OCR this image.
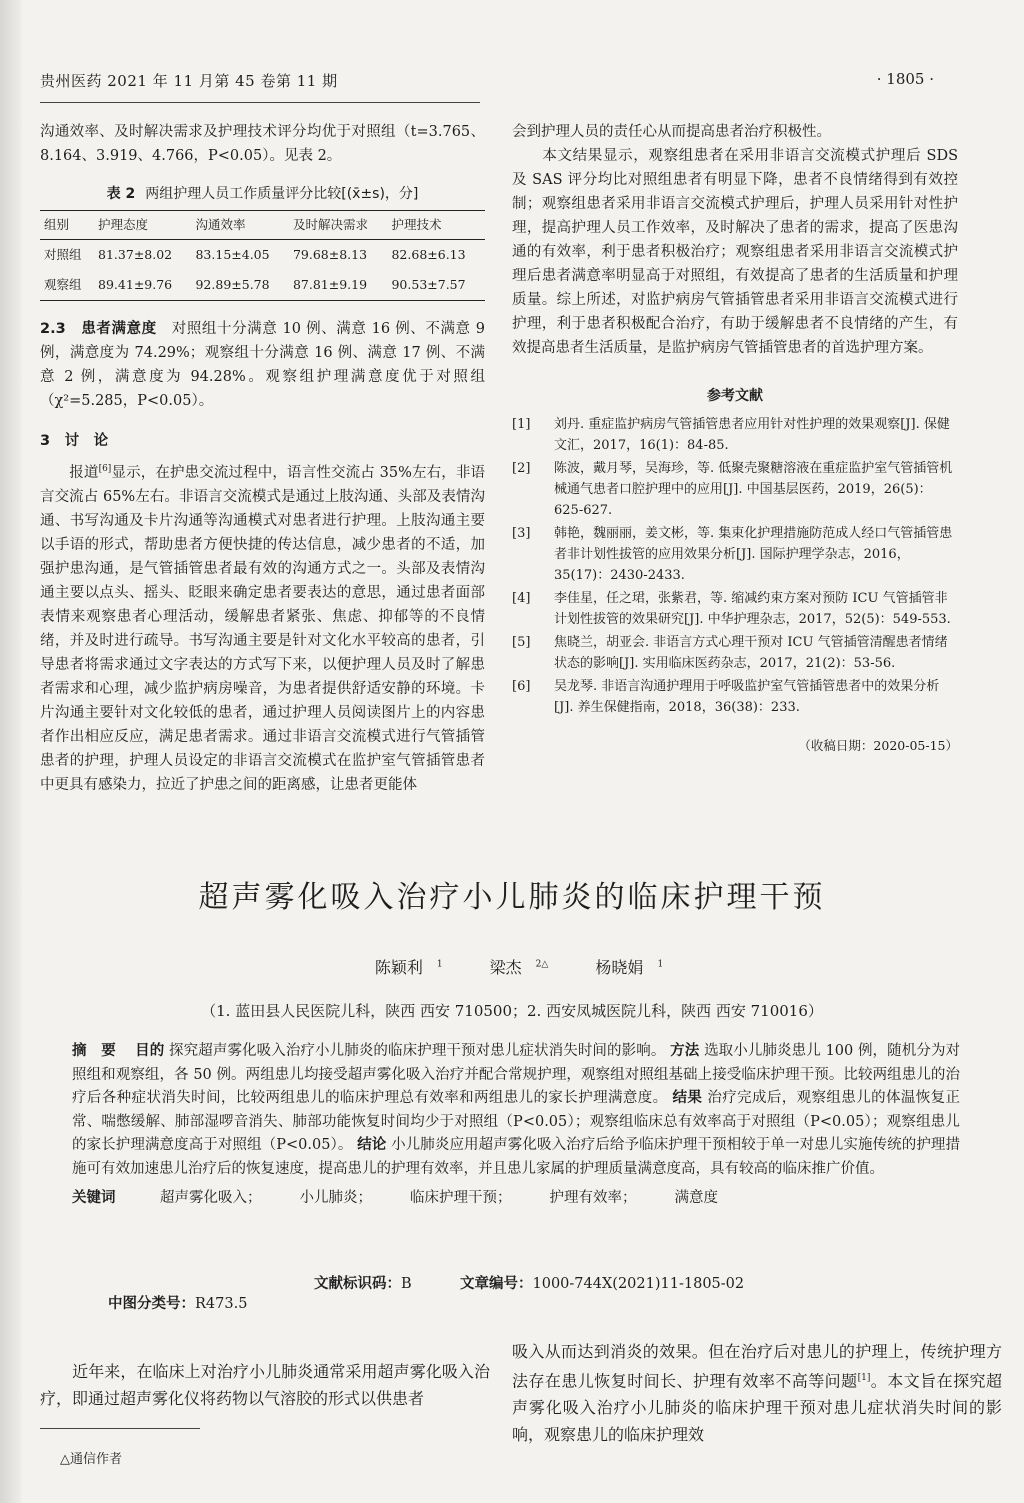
贵州医药 2021 年 11 月第 45 卷第 11 期	· 1805 ·

沟通效率、及时解决需求及护理技术评分均优于对照组（t=3.765、8.164、3.919、4.766，P<0.05）。见表 2。

表 2 两组护理人员工作质量评分比较[(x̄±s)，分]
组别	护理态度	沟通效率	及时解决需求	护理技术
对照组	81.37±8.02	83.15±4.05	79.68±8.13	82.68±6.13
观察组	89.41±9.76	92.89±5.78	87.81±9.19	90.53±7.57

2.3　患者满意度　 对照组十分满意 10 例、满意 16 例、不满意 9 例，满意度为 74.29%；观察组十分满意 16 例、满意 17 例、不满意 2 例，满意度为 94.28%。观察组护理满意度优于对照组（χ²=5.285，P<0.05）。

3　讨　论

　　报道[6]显示，在护患交流过程中，语言性交流占 35%左右，非语言交流占 65%左右。非语言交流模式是通过上肢沟通、头部及表情沟通、书写沟通及卡片沟通等沟通模式对患者进行护理。上肢沟通主要以手语的形式，帮助患者方便快捷的传达信息，减少患者的不适，加强护患沟通，是气管插管患者最有效的沟通方式之一。头部及表情沟通主要以点头、摇头、眨眼来确定患者要表达的意思，通过患者面部表情来观察患者心理活动，缓解患者紧张、焦虑、抑郁等的不良情绪，并及时进行疏导。书写沟通主要是针对文化水平较高的患者，引导患者将需求通过文字表达的方式写下来，以便护理人员及时了解患者需求和心理，减少监护病房噪音，为患者提供舒适安静的环境。卡片沟通主要针对文化较低的患者，通过护理人员阅读图片上的内容患者作出相应反应，满足患者需求。通过非语言交流模式进行气管插管患者的护理，护理人员设定的非语言交流模式在监护室气管插管患者中更具有感染力，拉近了护患之间的距离感，让患者更能体

会到护理人员的责任心从而提高患者治疗积极性。

　　本文结果显示，观察组患者在采用非语言交流模式护理后 SDS 及 SAS 评分均比对照组患者有明显下降，患者不良情绪得到有效控制；观察组患者采用非语言交流模式护理后，护理人员采用针对性护理，提高护理人员工作效率，及时解决了患者的需求，提高了医患沟通的有效率，利于患者积极治疗；观察组患者采用非语言交流模式护理后患者满意率明显高于对照组，有效提高了患者的生活质量和护理质量。综上所述，对监护病房气管插管患者采用非语言交流模式进行护理，利于患者积极配合治疗，有助于缓解患者不良情绪的产生，有效提高患者生活质量，是监护病房气管插管患者的首选护理方案。

参考文献
[1]	刘丹. 重症监护病房气管插管患者应用针对性护理的效果观察[J]. 保健文汇，2017，16(1)：84-85.
[2]	陈波，戴月琴，吴海珍，等. 低聚壳聚糖溶液在重症监护室气管插管机械通气患者口腔护理中的应用[J]. 中国基层医药，2019，26(5)：625-627.
[3]	韩艳，魏丽丽，姜文彬，等. 集束化护理措施防范成人经口气管插管患者非计划性拔管的应用效果分析[J]. 国际护理学杂志，2016，35(17)：2430-2433.
[4]	李佳星，任之珺，张紫君，等. 缩减约束方案对预防 ICU 气管插管非计划性拔管的效果研究[J]. 中华护理杂志，2017，52(5)：549-553.
[5]	焦晓兰，胡亚会. 非语言方式心理干预对 ICU 气管插管清醒患者情绪状态的影响[J]. 实用临床医药杂志，2017，21(2)：53-56.
[6]	吴龙琴. 非语言沟通护理用于呼吸监护室气管插管患者中的效果分析[J]. 养生保健指南，2018，36(38)：233.
（收稿日期：2020-05-15）
超声雾化吸入治疗小儿肺炎的临床护理干预
陈颖利 $^1$	梁杰 $^{2\triangle}$	杨晓娟 $^1$
（1. 蓝田县人民医院儿科，陕西 西安 710500；2. 西安凤城医院儿科，陕西 西安 710016）

摘　要　 目的 探究超声雾化吸入治疗小儿肺炎的临床护理干预对患儿症状消失时间的影响。 方法 选取小儿肺炎患儿 100 例，随机分为对照组和观察组，各 50 例。两组患儿均接受超声雾化吸入治疗并配合常规护理，观察组对照组基础上接受临床护理干预。比较两组患儿的治疗后各种症状消失时间，比较两组患儿的临床护理总有效率和两组患儿的家长护理满意度。 结果 治疗完成后，观察组患儿的体温恢复正常、喘憋缓解、肺部湿啰音消失、肺部功能恢复时间均少于对照组（P<0.05）；观察组临床总有效率高于对照组（P<0.05）；观察组患儿的家长护理满意度高于对照组（P<0.05）。 结论 小儿肺炎应用超声雾化吸入治疗后给予临床护理干预相较于单一对患儿实施传统的护理措施可有效加速患儿治疗后的恢复速度，提高患儿的护理有效率，并且患儿家属的护理质量满意度高，具有较高的临床推广价值。

关键词	超声雾化吸入；	小儿肺炎；	临床护理干预；	护理有效率；	满意度
文献标识码：B	文章编号：1000-744X(2021)11-1805-02
中图分类号：R473.5

　　近年来，在临床上对治疗小儿肺炎通常采用超声雾化吸入治疗，即通过超声雾化仪将药物以气溶胶的形式以供患者

吸入从而达到消炎的效果。但在治疗后对患儿的护理上，传统护理方法存在患儿恢复时间长、护理有效率不高等问题[1]。本文旨在探究超声雾化吸入治疗小儿肺炎的临床护理干预对患儿症状消失时间的影响，观察患儿的临床护理效

△通信作者
